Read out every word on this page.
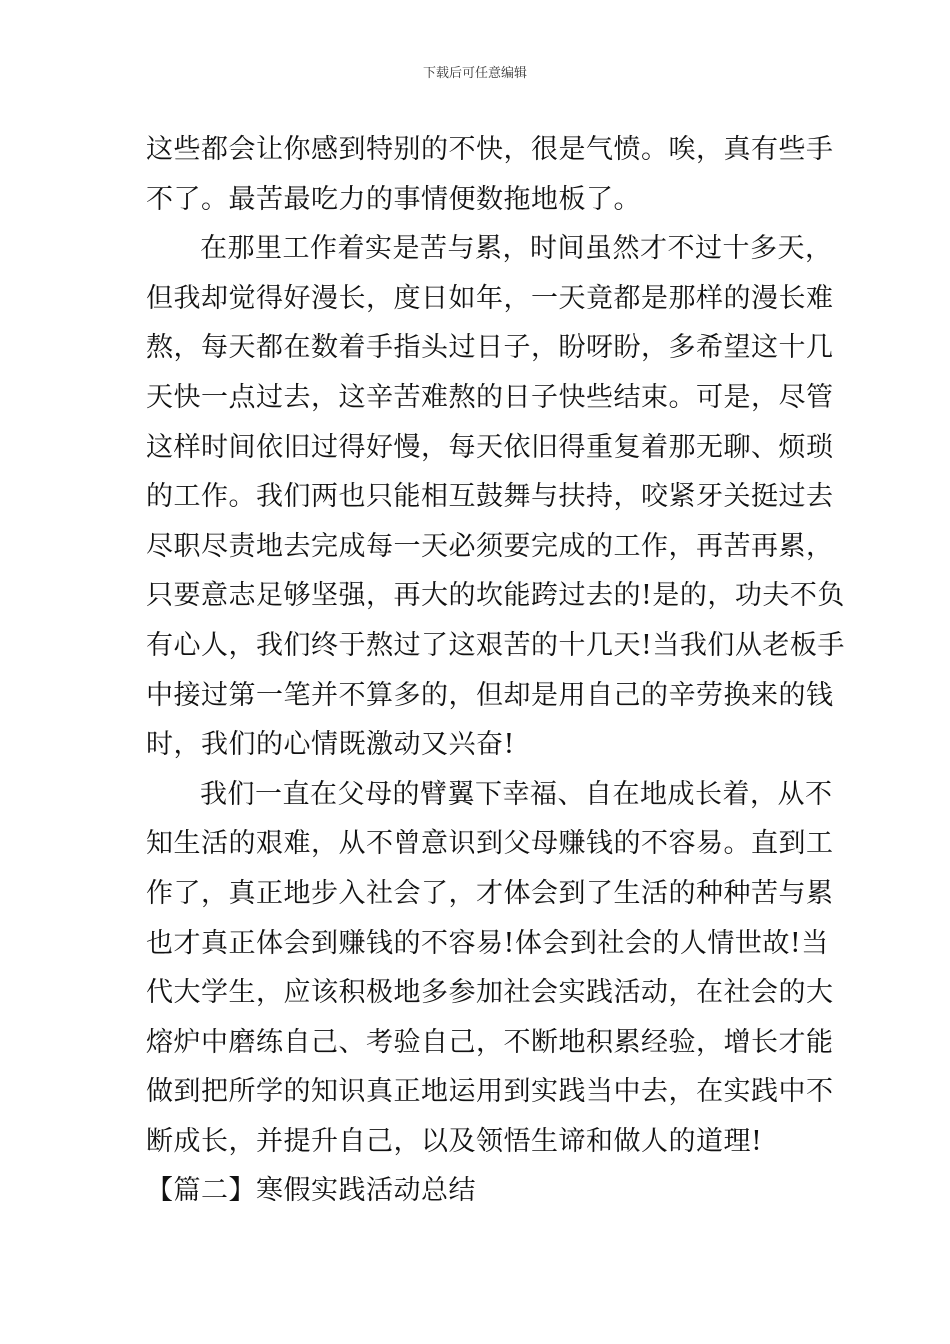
下载后可任意编辑
这些都会让你感到特别的不快，很是气愤。唉，真有些手
不了。最苦最吃力的事情便数拖地板了。
在那里工作着实是苦与累，时间虽然才不过十多天，
但我却觉得好漫长，度日如年，一天竟都是那样的漫长难
熬，每天都在数着手指头过日子，盼呀盼，多希望这十几
天快一点过去，这辛苦难熬的日子快些结束。可是，尽管
这样时间依旧过得好慢，每天依旧得重复着那无聊、烦琐
的工作。我们两也只能相互鼓舞与扶持，咬紧牙关挺过去
尽职尽责地去完成每一天必须要完成的工作，再苦再累，
只要意志足够坚强，再大的坎能跨过去的!是的，功夫不负
有心人，我们终于熬过了这艰苦的十几天!当我们从老板手
中接过第一笔并不算多的，但却是用自己的辛劳换来的钱
时，我们的心情既激动又兴奋!
我们一直在父母的臂翼下幸福、自在地成长着，从不
知生活的艰难，从不曾意识到父母赚钱的不容易。直到工
作了，真正地步入社会了，才体会到了生活的种种苦与累
也才真正体会到赚钱的不容易!体会到社会的人情世故!当
代大学生，应该积极地多参加社会实践活动，在社会的大
熔炉中磨练自己、考验自己，不断地积累经验，增长才能
做到把所学的知识真正地运用到实践当中去，在实践中不
断成长，并提升自己，以及领悟生谛和做人的道理!
【篇二】寒假实践活动总结
